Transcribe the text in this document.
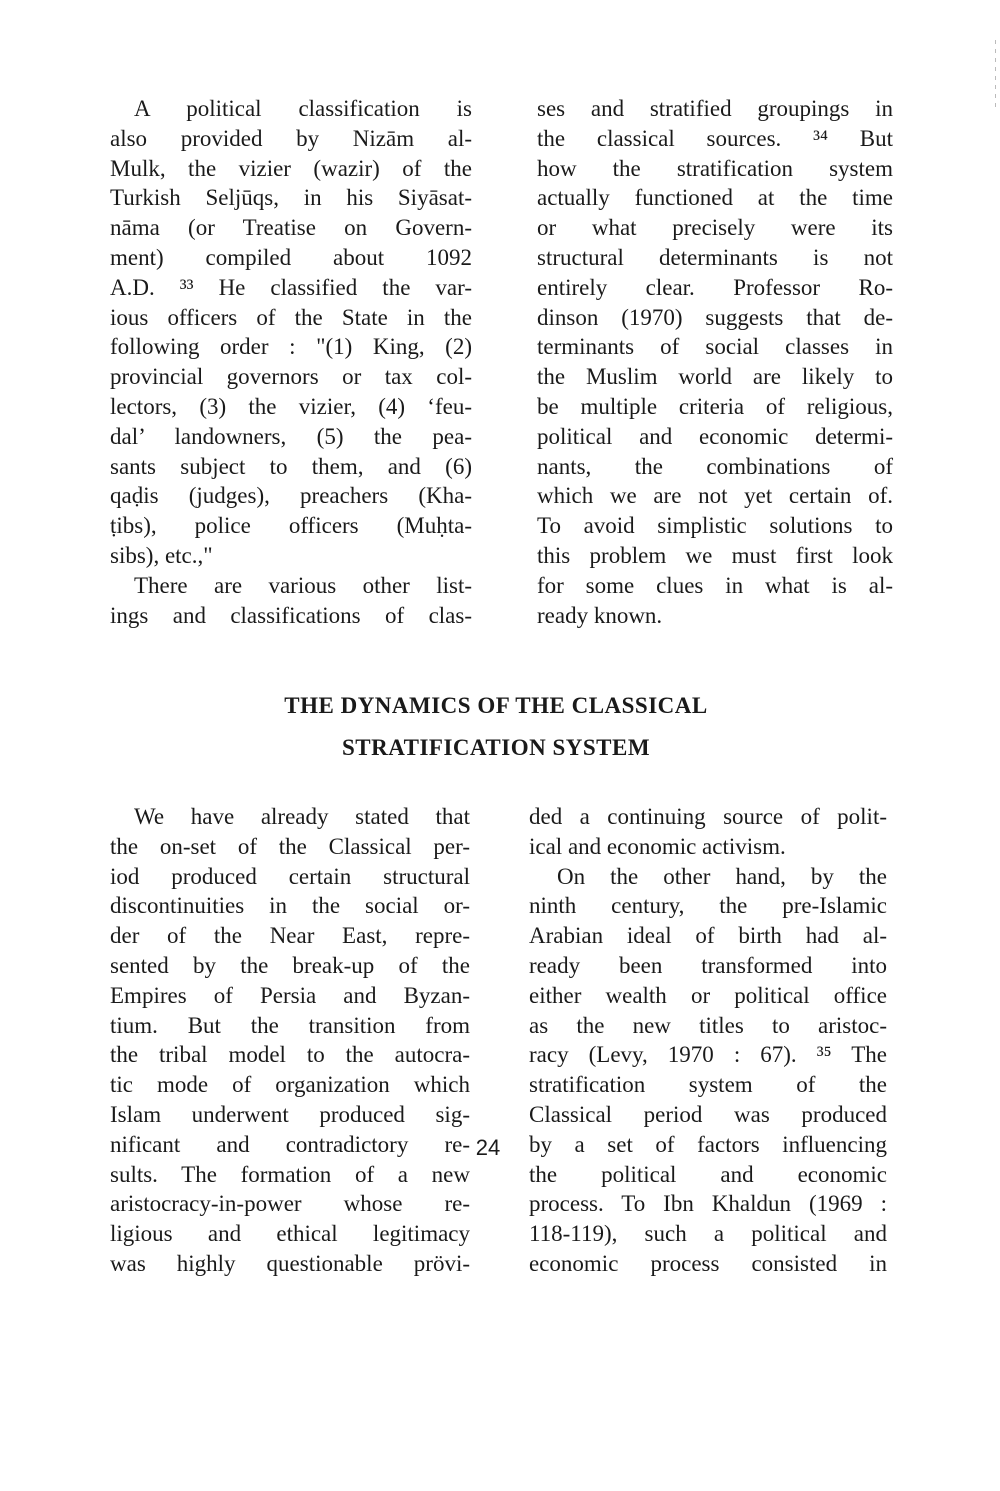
A political classification is
also provided by Nizām al-
Mulk, the vizier (wazir) of the
Turkish Seljūqs, in his Siyāsat-
nāma (or Treatise on Govern-
ment) compiled about 1092
A.D. ³³ He classified the var-
ious officers of the State in the
following order : "(1) King, (2)
provincial governors or tax col-
lectors, (3) the vizier, (4) ‘feu-
dal’ landowners, (5) the pea-
sants subject to them, and (6)
qaḍis (judges), preachers (Kha-
ṭibs), police officers (Muḥta-
sibs), etc.,"
There are various other list-
ings and classifications of clas-
ses and stratified groupings in
the classical sources. ³⁴ But
how the stratification system
actually functioned at the time
or what precisely were its
structural determinants is not
entirely clear. Professor Ro-
dinson (1970) suggests that de-
terminants of social classes in
the Muslim world are likely to
be multiple criteria of religious,
political and economic determi-
nants, the combinations of
which we are not yet certain of.
To avoid simplistic solutions to
this problem we must first look
for some clues in what is al-
ready known.
THE DYNAMICS OF THE CLASSICAL
STRATIFICATION SYSTEM
We have already stated that
the on-set of the Classical per-
iod produced certain structural
discontinuities in the social or-
der of the Near East, repre-
sented by the break-up of the
Empires of Persia and Byzan-
tium. But the transition from
the tribal model to the autocra-
tic mode of organization which
Islam underwent produced sig-
nificant and contradictory re-
sults. The formation of a new
aristocracy-in-power whose re-
ligious and ethical legitimacy
was highly questionable prövi-
ded a continuing source of polit-
ical and economic activism.
On the other hand, by the
ninth century, the pre-Islamic
Arabian ideal of birth had al-
ready been transformed into
either wealth or political office
as the new titles to aristoc-
racy (Levy, 1970 : 67). ³⁵ The
stratification system of the
Classical period was produced
by a set of factors influencing
the political and economic
process. To Ibn Khaldun (1969 :
118-119), such a political and
economic process consisted in
24
